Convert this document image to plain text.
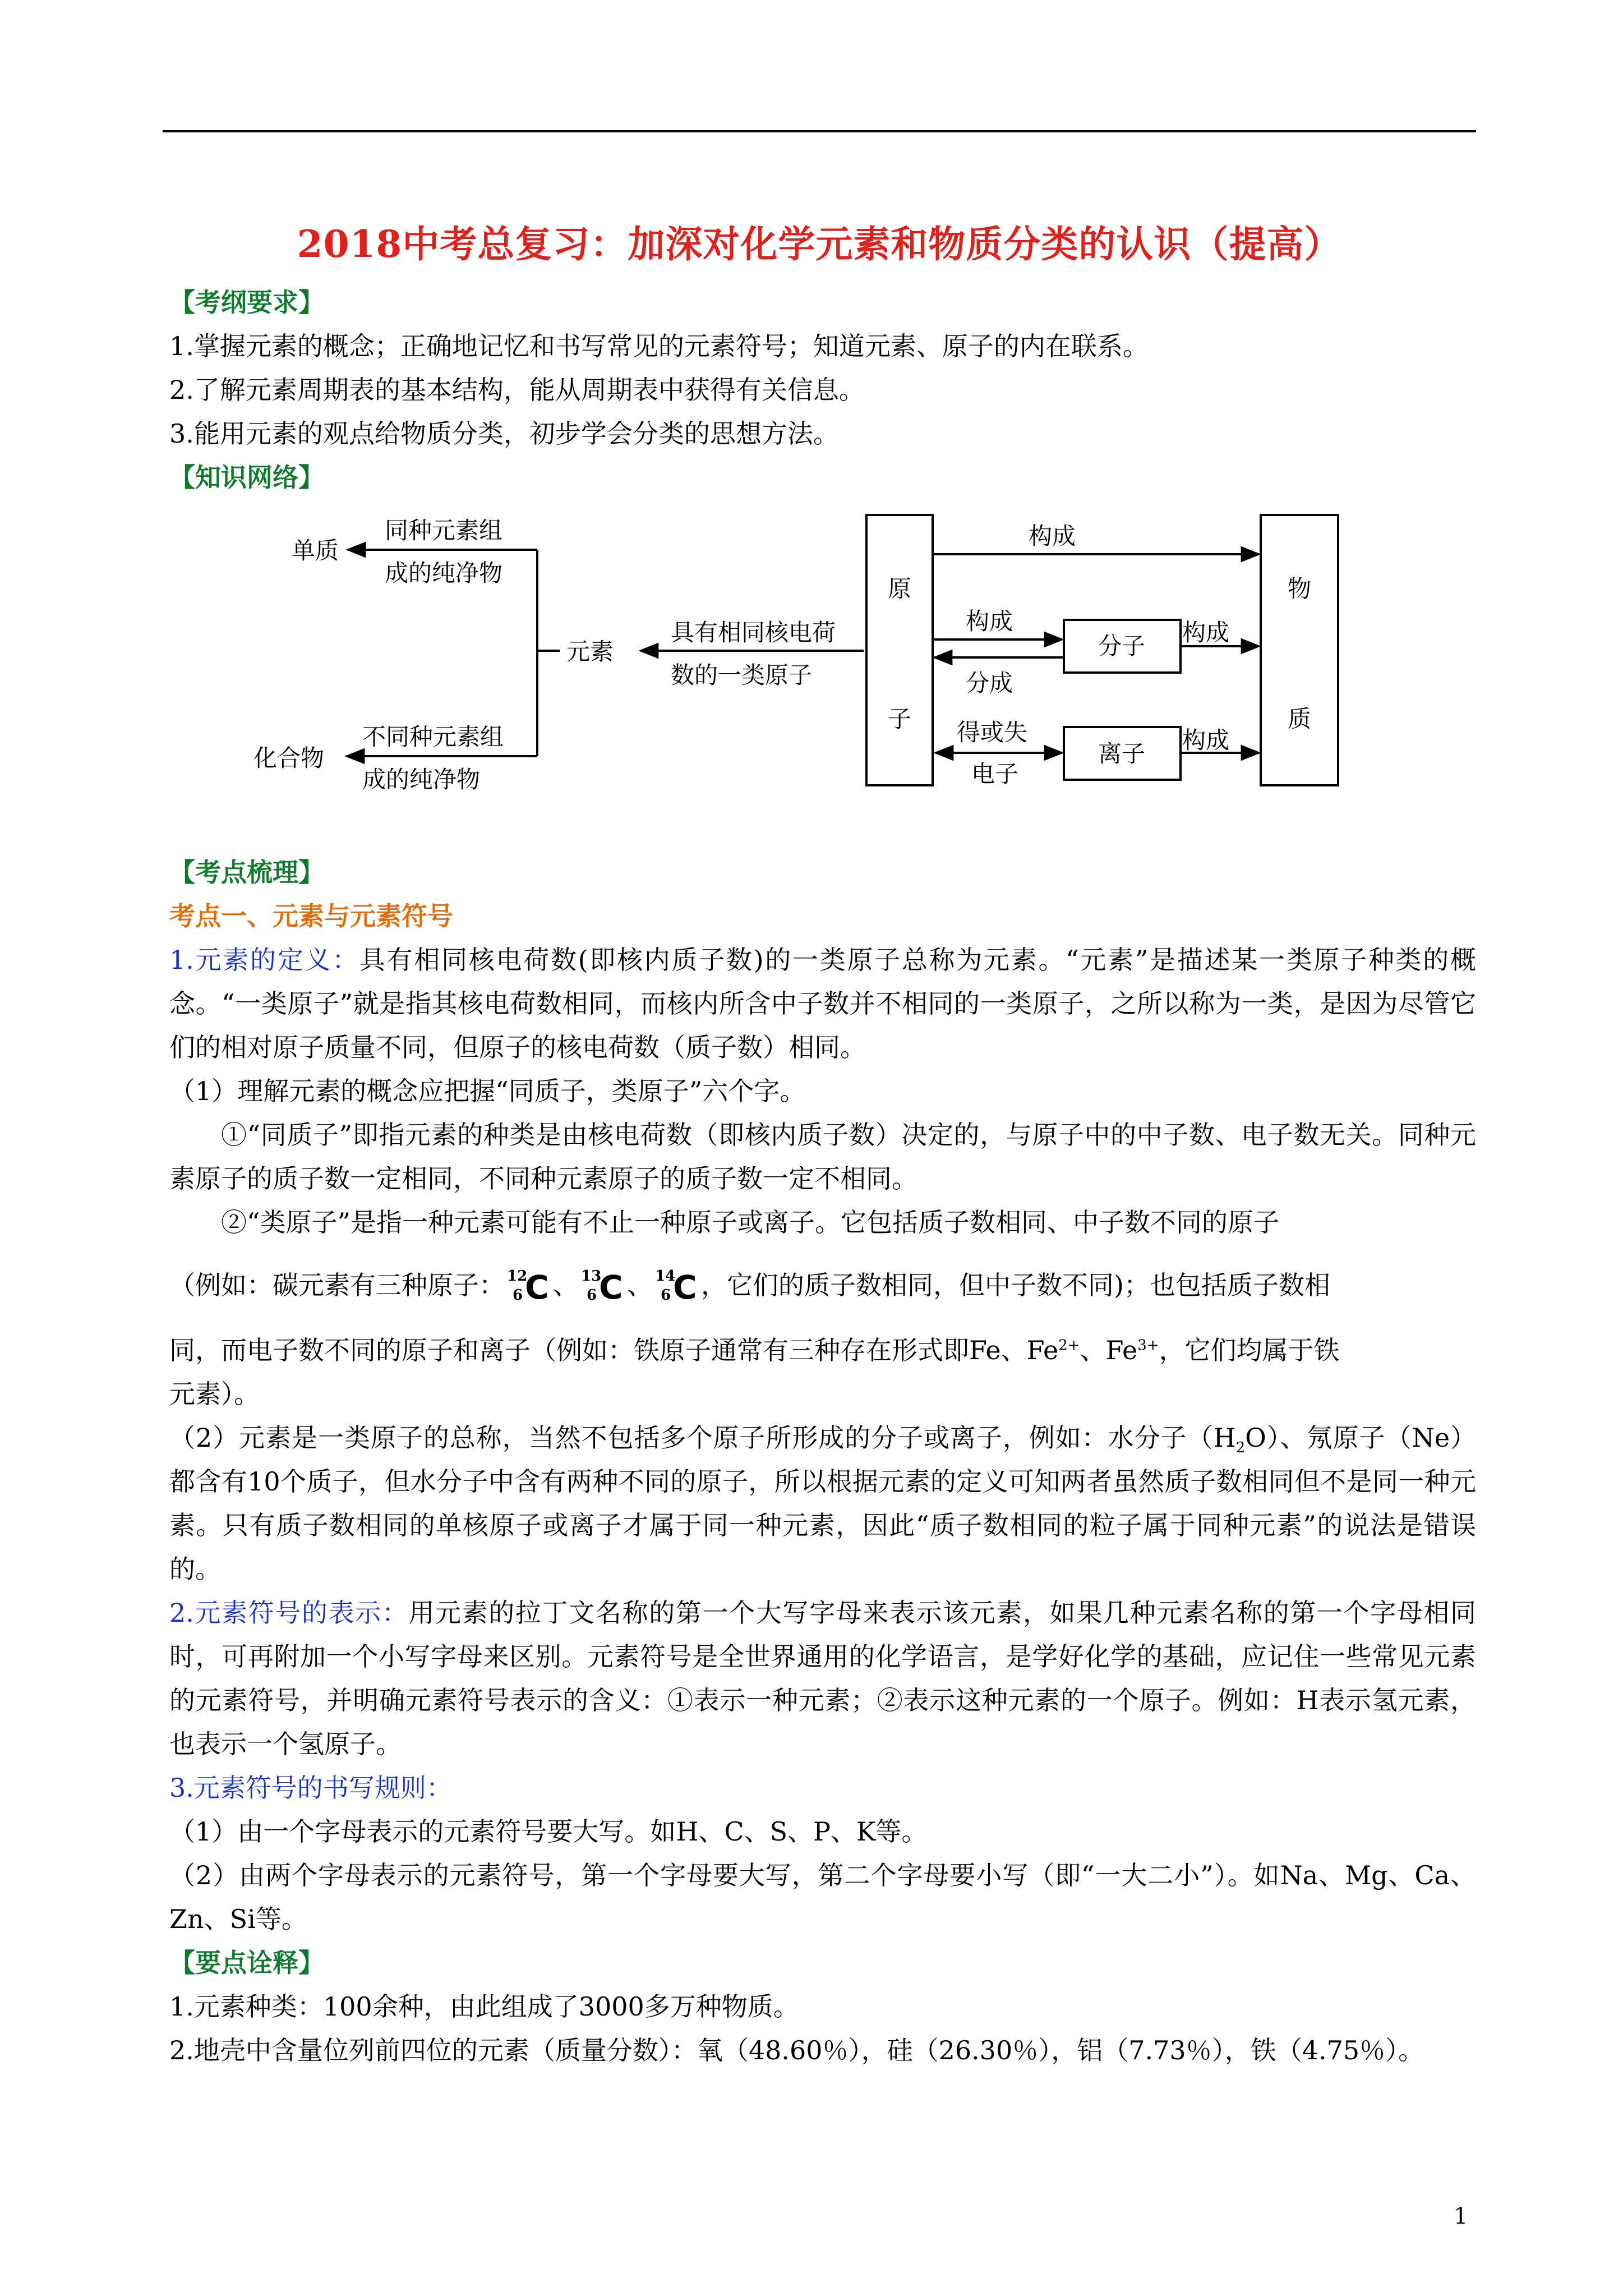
2018中考总复习：加深对化学元素和物质分类的认识（提高）

【考纲要求】

1.掌握元素的概念；正确地记忆和书写常见的元素符号；知道元素、原子的内在联系。

2.了解元素周期表的基本结构，能从周期表中获得有关信息。

3.能用元素的观点给物质分类，初步学会分类的思想方法。

【知识网络】

【考点梳理】

考点一、元素与元素符号

1.元素的定义：具有相同核电荷数(即核内质子数)的一类原子总称为元素。“元素”是描述某一类原子种类的概念。“一类原子”就是指其核电荷数相同，而核内所含中子数并不相同的一类原子，之所以称为一类，是因为尽管它们的相对原子质量不同，但原子的核电荷数（质子数）相同。

（1）理解元素的概念应把握“同质子，类原子”六个字。

①“同质子”即指元素的种类是由核电荷数（即核内质子数）决定的，与原子中的中子数、电子数无关。同种元素原子的质子数一定相同，不同种元素原子的质子数一定不相同。

②“类原子”是指一种元素可能有不止一种原子或离子。它包括质子数相同、中子数不同的原子

（例如：碳元素有三种原子： 12
6 C 、 13
6 C 、 14
6 C ，它们的质子数相同，但中子数不同)；也包括质子数相

同，而电子数不同的原子和离子（例如：铁原子通常有三种存在形式即Fe、$Fe^{2+}$、$Fe^{3+}$，它们均属于铁

元素）。

（2）元素是一类原子的总称，当然不包括多个原子所形成的分子或离子，例如：水分子$(H_2O)$、氖原子（Ne）都含有10个质子，但水分子中含有两种不同的原子，所以根据元素的定义可知两者虽然质子数相同但不是同一种元素。只有质子数相同的单核原子或离子才属于同一种元素，因此“质子数相同的粒子属于同种元素”的说法是错误的。

2.元素符号的表示：用元素的拉丁文名称的第一个大写字母来表示该元素，如果几种元素名称的第一个字母相同时，可再附加一个小写字母来区别。元素符号是全世界通用的化学语言，是学好化学的基础，应记住一些常见元素的元素符号，并明确元素符号表示的含义：①表示一种元素；②表示这种元素的一个原子。例如：H表示氢元素，也表示一个氢原子。

3.元素符号的书写规则：

（1）由一个字母表示的元素符号要大写。如H、C、S、P、K等。

（2）由两个字母表示的元素符号，第一个字母要大写，第二个字母要小写（即“一大二小”）。如Na、Mg、Ca、Zn、Si等。

【要点诠释】

1.元素种类：100余种，由此组成了3000多万种物质。

2.地壳中含量位列前四位的元素（质量分数）：氧（48.60％），硅（26.30％），铝（7.73％），铁（4.75％）。

单质
同种元素组
成的纯净物
元素
具有相同核电荷
数的一类原子
化合物
不同种元素组
成的纯净物
原
子
构成
构成
分成
分子 构成
得或失
电子
离子 构成
物
质
1
